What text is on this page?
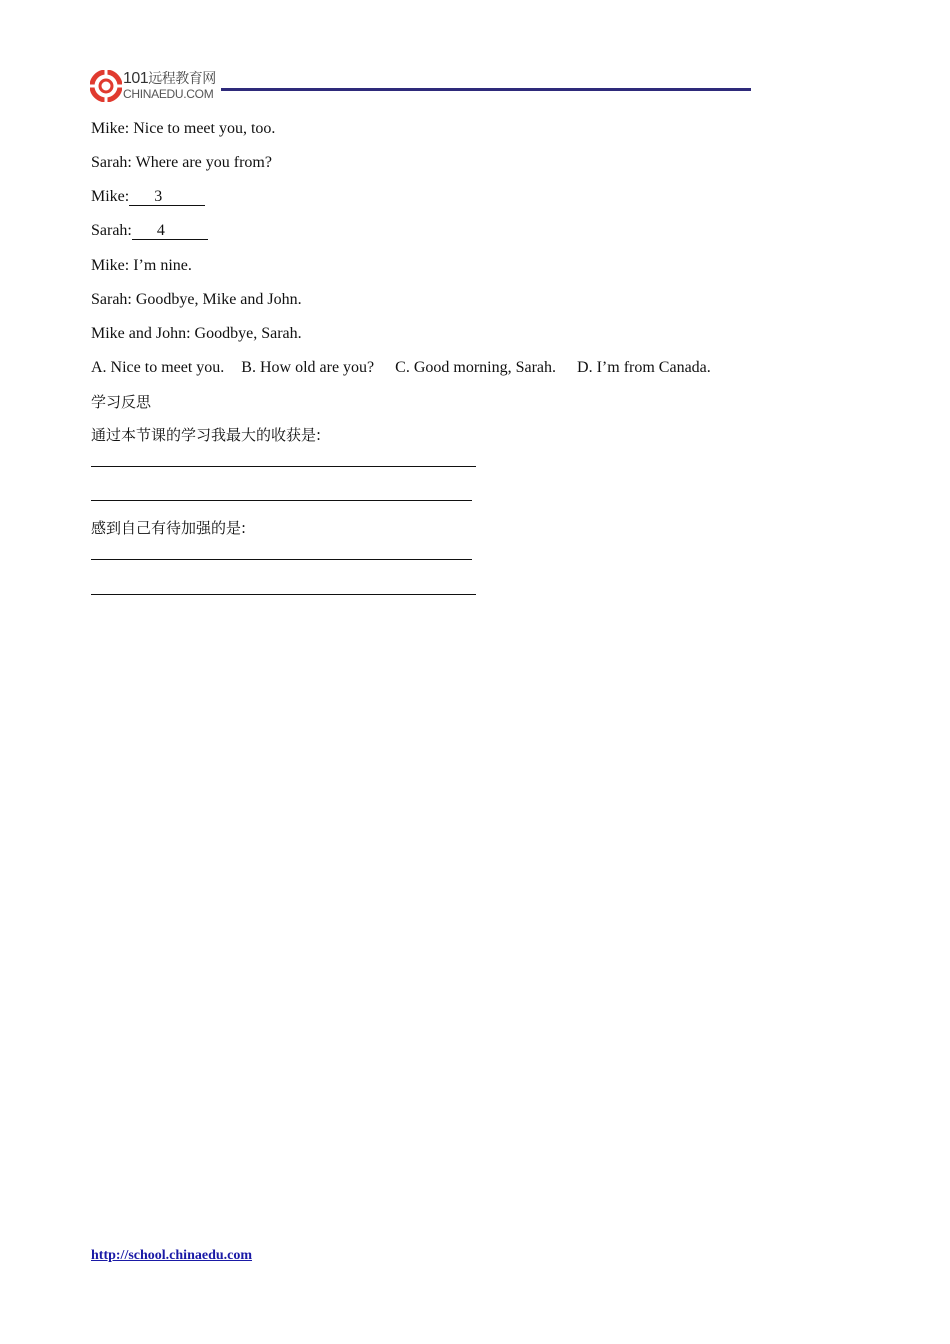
101远程教育网
CHINAEDU.COM
Mike: Nice to meet you, too.
Sarah: Where are you from?
Mike: 3
Sarah: 4
Mike: I’m nine.
Sarah: Goodbye, Mike and John.
Mike and John: Goodbye, Sarah.
A. Nice to meet you. B. How old are you? C. Good morning, Sarah. D. I’m from Canada.
学习反思
通过本节课的学习我最大的收获是:
感到自己有待加强的是:
http://school.chinaedu.com
